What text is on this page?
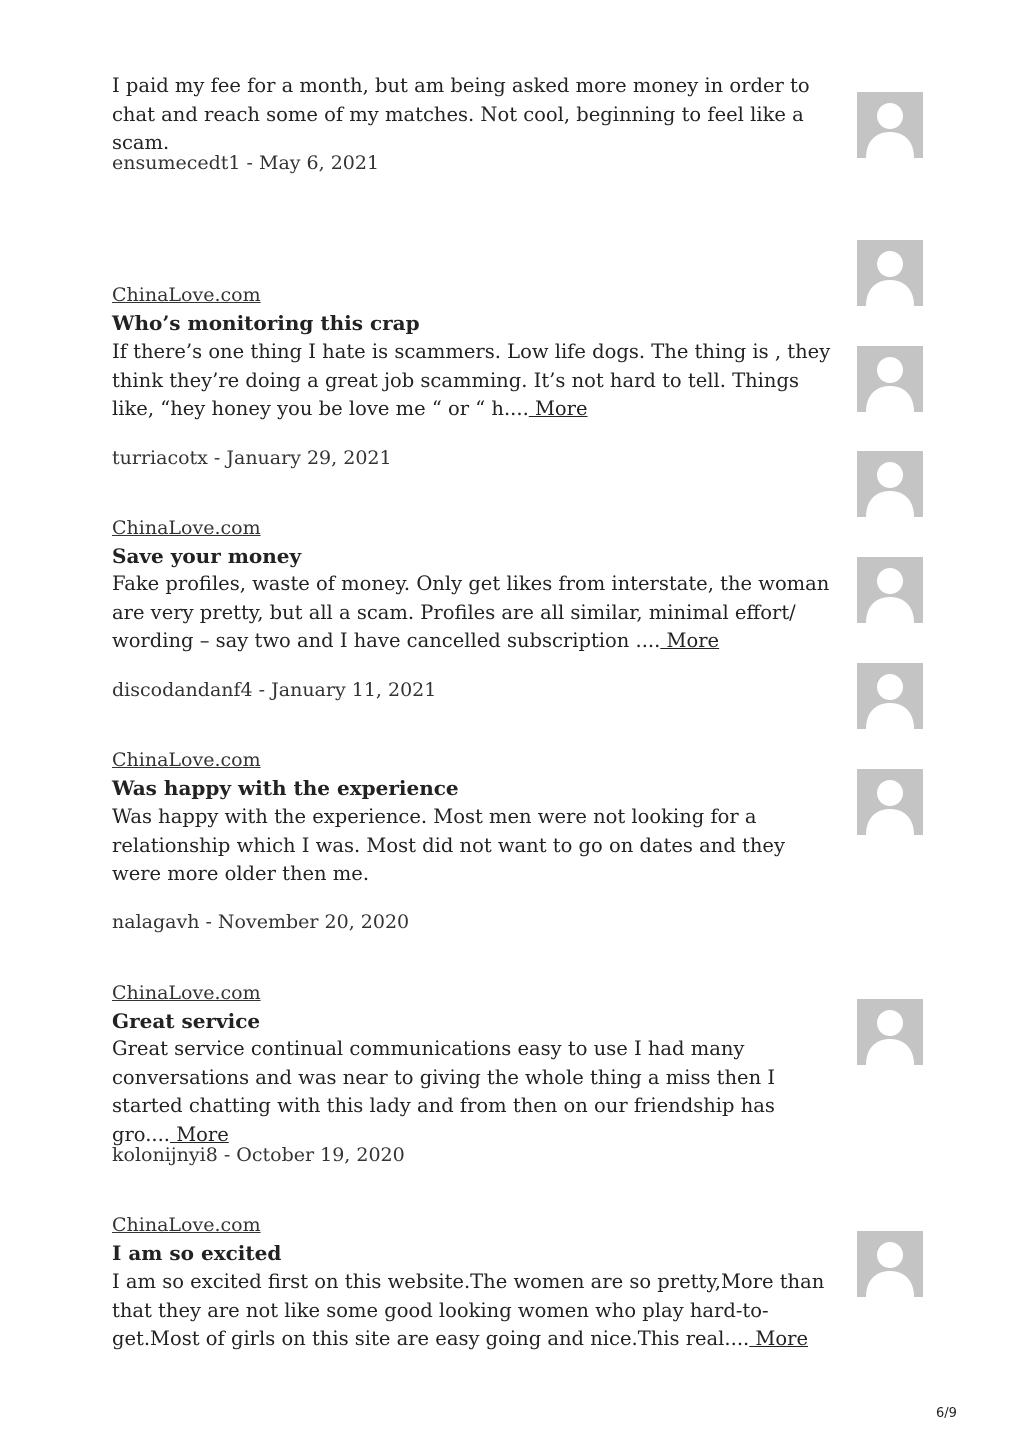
I paid my fee for a month, but am being asked more money in order to chat and reach some of my matches. Not cool, beginning to feel like a scam.
ensumecedt1 - May 6, 2021
ChinaLove.com
Who’s monitoring this crap
If there’s one thing I hate is scammers. Low life dogs. The thing is , they think they’re doing a great job scamming. It’s not hard to tell. Things like, “hey honey you be love me “ or “ h.... More
turriacotx - January 29, 2021
ChinaLove.com
Save your money
Fake profiles, waste of money. Only get likes from interstate, the woman are very pretty, but all a scam. Profiles are all similar, minimal effort/ wording – say two and I have cancelled subscription .... More
discodandanf4 - January 11, 2021
ChinaLove.com
Was happy with the experience
Was happy with the experience. Most men were not looking for a relationship which I was. Most did not want to go on dates and they were more older then me.
nalagavh - November 20, 2020
ChinaLove.com
Great service
Great service continual communications easy to use I had many conversations and was near to giving the whole thing a miss then I started chatting with this lady and from then on our friendship has gro.... More
kolonijnyi8 - October 19, 2020
ChinaLove.com
I am so excited
I am so excited first on this website.The women are so pretty,More than that they are not like some good looking women who play hard-to-get.Most of girls on this site are easy going and nice.This real.... More
6/9
